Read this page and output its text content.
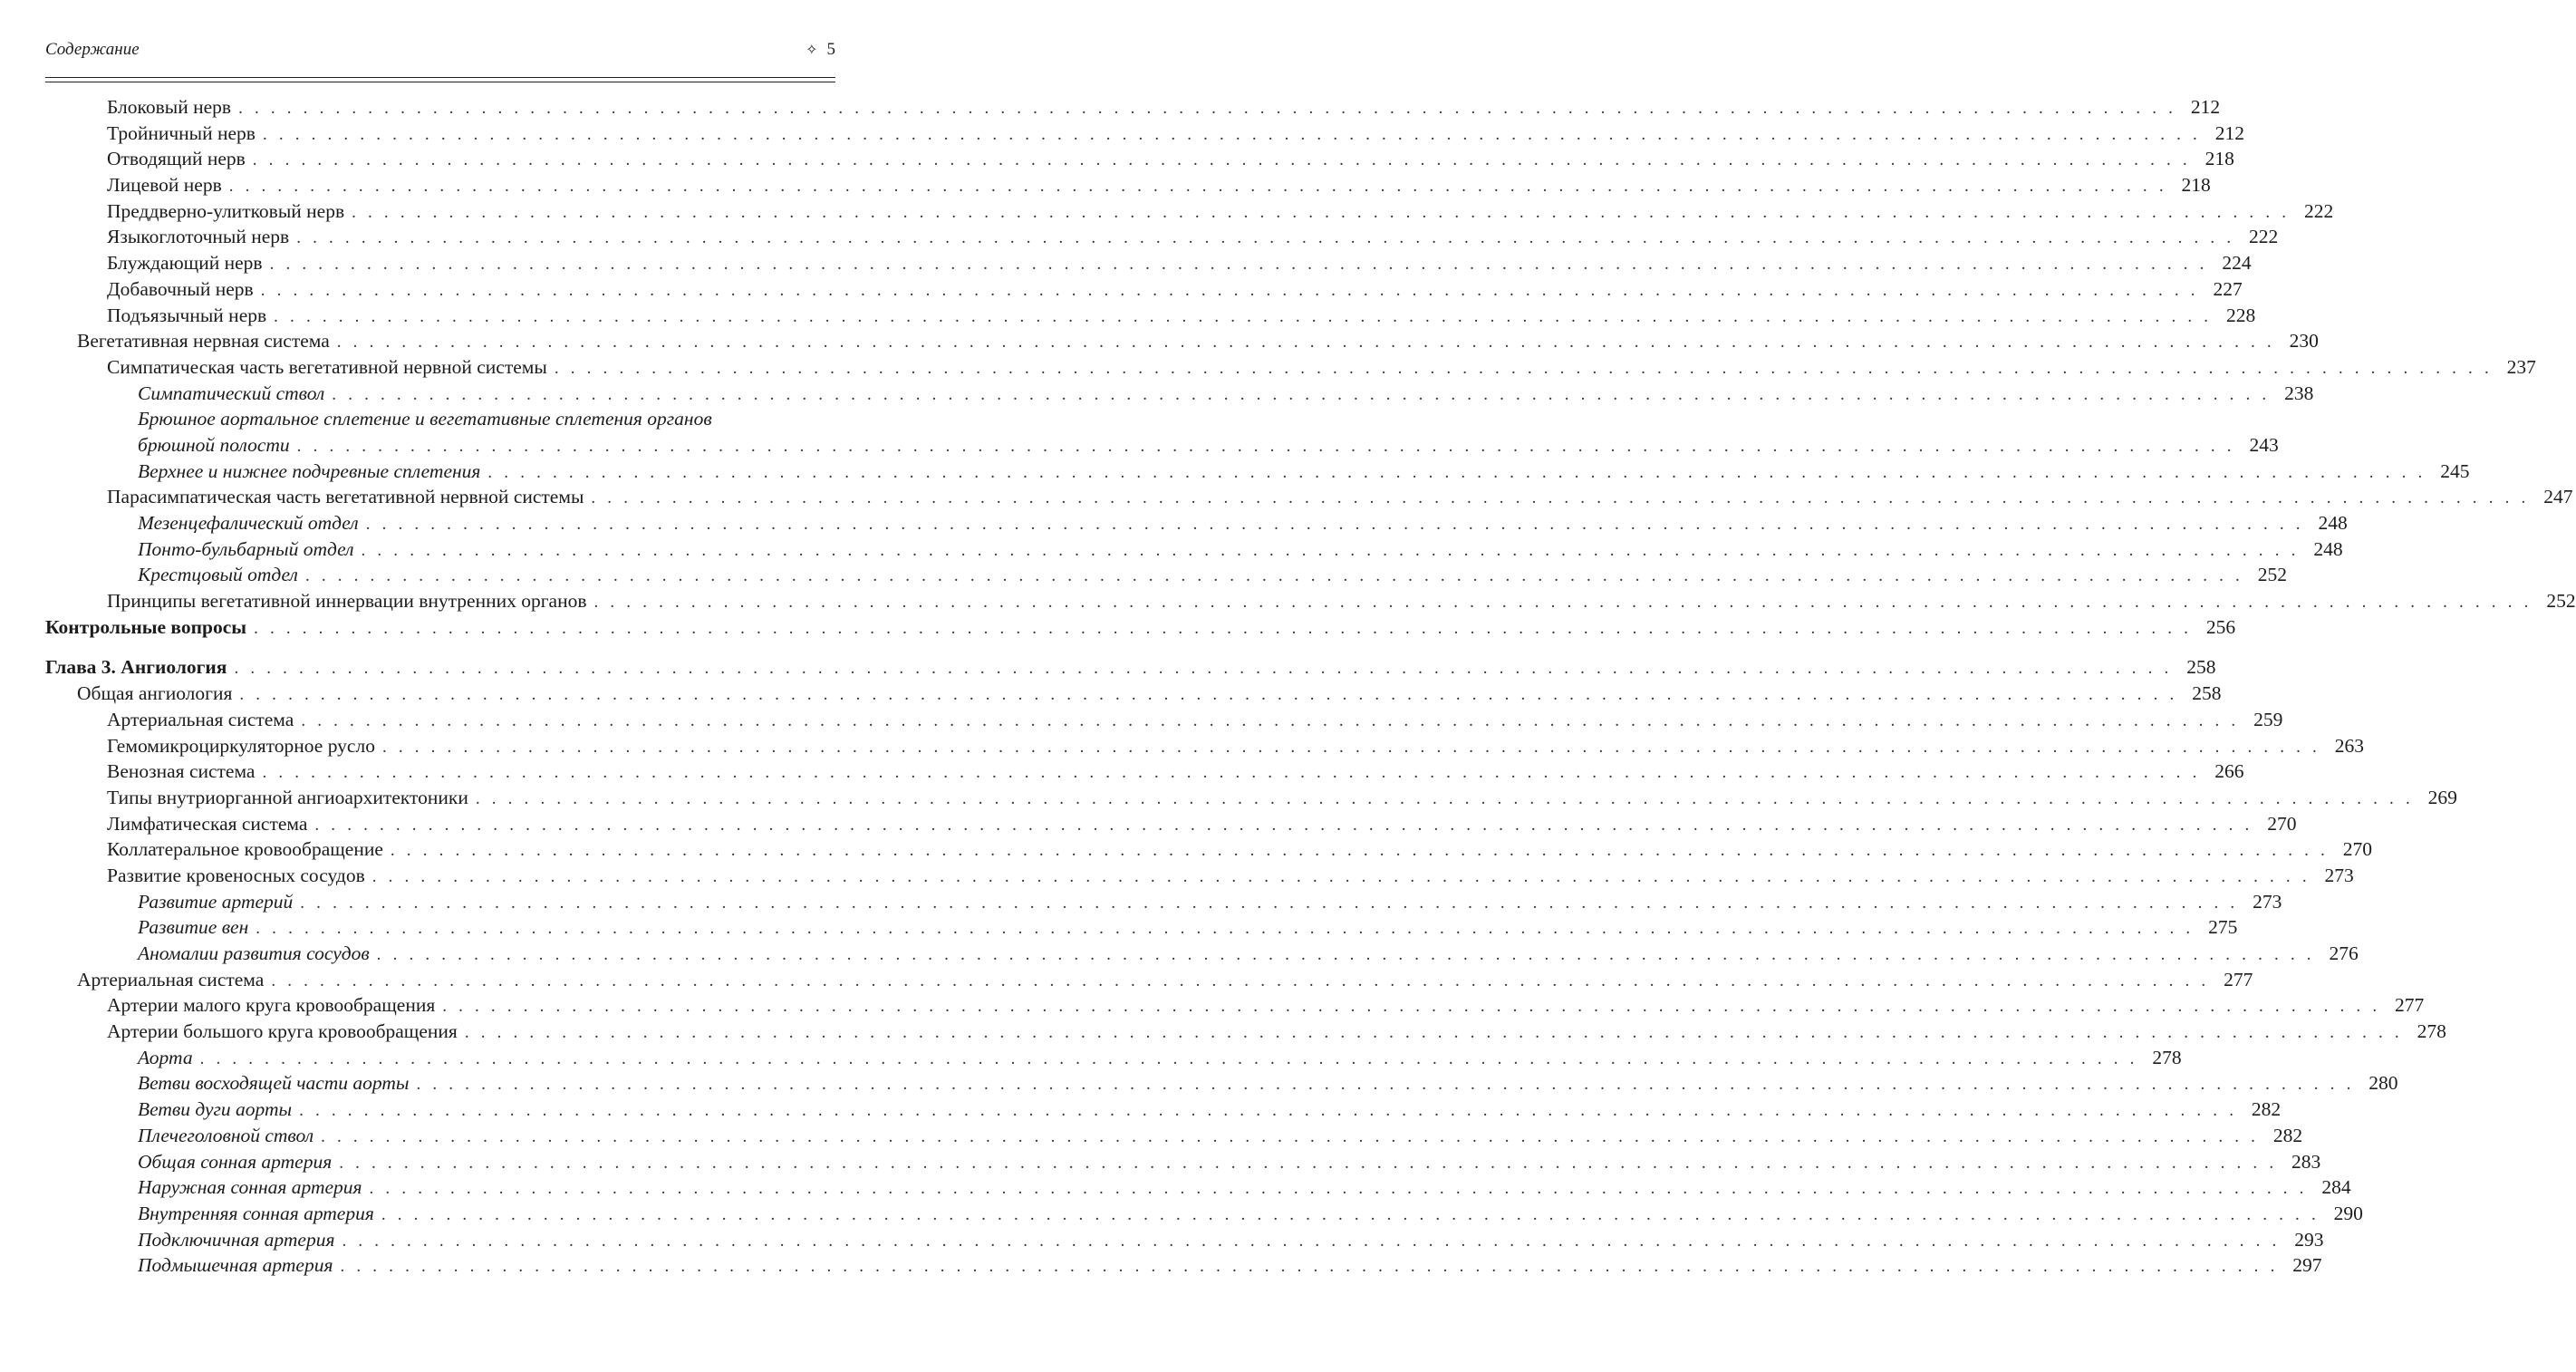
Содержание	✧ 5
Блоковый нерв . . . . . . . . . . . . . . . . . . . . . . . . . . . . . . . . . . . . . . . . . . . . . . . . . . . . . . . . . . . . . . . . . . . . . . . . . . . . . . . . . . . . . . . . . . . . . . . . . . . . . . . . . . . . . . . . . . . . . . . . 212
Тройничный нерв . . . . . . . . . . . . . . . . . . . . . . . . . . . . . . . . . . . . . . . . . . . . . . . . . . . . . . . . . . . . . . . . . . . . . . . . . . . . . . . . . . . . . . . . . . . . . . . . . . . . . . . . . . . . . . . . . . . . . . . . 212
Отводящий нерв . . . . . . . . . . . . . . . . . . . . . . . . . . . . . . . . . . . . . . . . . . . . . . . . . . . . . . . . . . . . . . . . . . . . . . . . . . . . . . . . . . . . . . . . . . . . . . . . . . . . . . . . . . . . . . . . . . . . . . . . 218
Лицевой нерв . . . . . . . . . . . . . . . . . . . . . . . . . . . . . . . . . . . . . . . . . . . . . . . . . . . . . . . . . . . . . . . . . . . . . . . . . . . . . . . . . . . . . . . . . . . . . . . . . . . . . . . . . . . . . . . . . . . . . . . . 218
Преддверно-улитковый нерв . . . . . . . . . . . . . . . . . . . . . . . . . . . . . . . . . . . . . . . . . . . . . . . . . . . . . . . . . . . . . . . . . . . . . . . . . . . . . . . . . . . . . . . . . . . . . . . . . . . . . . . . . . . . . . . . . . . . . . . . 222
Языкоглоточный нерв . . . . . . . . . . . . . . . . . . . . . . . . . . . . . . . . . . . . . . . . . . . . . . . . . . . . . . . . . . . . . . . . . . . . . . . . . . . . . . . . . . . . . . . . . . . . . . . . . . . . . . . . . . . . . . . . . . . . . . . . 222
Блуждающий нерв . . . . . . . . . . . . . . . . . . . . . . . . . . . . . . . . . . . . . . . . . . . . . . . . . . . . . . . . . . . . . . . . . . . . . . . . . . . . . . . . . . . . . . . . . . . . . . . . . . . . . . . . . . . . . . . . . . . . . . . . 224
Добавочный нерв . . . . . . . . . . . . . . . . . . . . . . . . . . . . . . . . . . . . . . . . . . . . . . . . . . . . . . . . . . . . . . . . . . . . . . . . . . . . . . . . . . . . . . . . . . . . . . . . . . . . . . . . . . . . . . . . . . . . . . . . 227
Подъязычный нерв . . . . . . . . . . . . . . . . . . . . . . . . . . . . . . . . . . . . . . . . . . . . . . . . . . . . . . . . . . . . . . . . . . . . . . . . . . . . . . . . . . . . . . . . . . . . . . . . . . . . . . . . . . . . . . . . . . . . . . . . 228
Вегетативная нервная система . . . . . . . . . . . . . . . . . . . . . . . . . . . . . . . . . . . . . . . . . . . . . . . . . . . . . . . . . . . . . . . . . . . . . . . . . . . . . . . . . . . . . . . . . . . . . . . . . . . . . . . . . . . . . . . . . . . . . . . . 230
Симпатическая часть вегетативной нервной системы . . . . . . . . . . . . . . . . . . . . . . . . . . . . . . . . . . . . . . . . . . . . . . . . . . . . . . . . . . . . . . . . . . . . . . . . . . . . . . . . . . . . . . . . . . . . . . . . . . . . . . . . . . . . . . . . . . . . . . . . 237
Симпатический ствол . . . . . . . . . . . . . . . . . . . . . . . . . . . . . . . . . . . . . . . . . . . . . . . . . . . . . . . . . . . . . . . . . . . . . . . . . . . . . . . . . . . . . . . . . . . . . . . . . . . . . . . . . . . . . . . . . . . . . . . . 238
Брюшное аортальное сплетение и вегетативные сплетения органов
брюшной полости . . . . . . . . . . . . . . . . . . . . . . . . . . . . . . . . . . . . . . . . . . . . . . . . . . . . . . . . . . . . . . . . . . . . . . . . . . . . . . . . . . . . . . . . . . . . . . . . . . . . . . . . . . . . . . . . . . . . . . . . 243
Верхнее и нижнее подчревные сплетения . . . . . . . . . . . . . . . . . . . . . . . . . . . . . . . . . . . . . . . . . . . . . . . . . . . . . . . . . . . . . . . . . . . . . . . . . . . . . . . . . . . . . . . . . . . . . . . . . . . . . . . . . . . . . . . . . . . . . . . . 245
Парасимпатическая часть вегетативной нервной системы . . . . . . . . . . . . . . . . . . . . . . . . . . . . . . . . . . . . . . . . . . . . . . . . . . . . . . . . . . . . . . . . . . . . . . . . . . . . . . . . . . . . . . . . . . . . . . . . . . . . . . . . . . . . . . . . . . . . . . . . 247
Мезенцефалический отдел . . . . . . . . . . . . . . . . . . . . . . . . . . . . . . . . . . . . . . . . . . . . . . . . . . . . . . . . . . . . . . . . . . . . . . . . . . . . . . . . . . . . . . . . . . . . . . . . . . . . . . . . . . . . . . . . . . . . . . . . 248
Понто-бульбарный отдел . . . . . . . . . . . . . . . . . . . . . . . . . . . . . . . . . . . . . . . . . . . . . . . . . . . . . . . . . . . . . . . . . . . . . . . . . . . . . . . . . . . . . . . . . . . . . . . . . . . . . . . . . . . . . . . . . . . . . . . . 248
Крестцовый отдел . . . . . . . . . . . . . . . . . . . . . . . . . . . . . . . . . . . . . . . . . . . . . . . . . . . . . . . . . . . . . . . . . . . . . . . . . . . . . . . . . . . . . . . . . . . . . . . . . . . . . . . . . . . . . . . . . . . . . . . . 252
Принципы вегетативной иннервации внутренних органов . . . . . . . . . . . . . . . . . . . . . . . . . . . . . . . . . . . . . . . . . . . . . . . . . . . . . . . . . . . . . . . . . . . . . . . . . . . . . . . . . . . . . . . . . . . . . . . . . . . . . . . . . . . . . . . . . . . . . . . . 252
Контрольные вопросы . . . . . . . . . . . . . . . . . . . . . . . . . . . . . . . . . . . . . . . . . . . . . . . . . . . . . . . . . . . . . . . . . . . . . . . . . . . . . . . . . . . . . . . . . . . . . . . . . . . . . . . . . . . . . . . . . . . . . . . . 256
Глава 3. Ангиология . . . . . . . . . . . . . . . . . . . . . . . . . . . . . . . . . . . . . . . . . . . . . . . . . . . . . . . . . . . . . . . . . . . . . . . . . . . . . . . . . . . . . . . . . . . . . . . . . . . . . . . . . . . . . . . . . . . . . . . . 258
Общая ангиология . . . . . . . . . . . . . . . . . . . . . . . . . . . . . . . . . . . . . . . . . . . . . . . . . . . . . . . . . . . . . . . . . . . . . . . . . . . . . . . . . . . . . . . . . . . . . . . . . . . . . . . . . . . . . . . . . . . . . . . . 258
Артериальная система . . . . . . . . . . . . . . . . . . . . . . . . . . . . . . . . . . . . . . . . . . . . . . . . . . . . . . . . . . . . . . . . . . . . . . . . . . . . . . . . . . . . . . . . . . . . . . . . . . . . . . . . . . . . . . . . . . . . . . . . 259
Гемомикроциркуляторное русло . . . . . . . . . . . . . . . . . . . . . . . . . . . . . . . . . . . . . . . . . . . . . . . . . . . . . . . . . . . . . . . . . . . . . . . . . . . . . . . . . . . . . . . . . . . . . . . . . . . . . . . . . . . . . . . . . . . . . . . . 263
Венозная система . . . . . . . . . . . . . . . . . . . . . . . . . . . . . . . . . . . . . . . . . . . . . . . . . . . . . . . . . . . . . . . . . . . . . . . . . . . . . . . . . . . . . . . . . . . . . . . . . . . . . . . . . . . . . . . . . . . . . . . . 266
Типы внутриорганной ангиоархитектоники . . . . . . . . . . . . . . . . . . . . . . . . . . . . . . . . . . . . . . . . . . . . . . . . . . . . . . . . . . . . . . . . . . . . . . . . . . . . . . . . . . . . . . . . . . . . . . . . . . . . . . . . . . . . . . . . . . . . . . . . 269
Лимфатическая система . . . . . . . . . . . . . . . . . . . . . . . . . . . . . . . . . . . . . . . . . . . . . . . . . . . . . . . . . . . . . . . . . . . . . . . . . . . . . . . . . . . . . . . . . . . . . . . . . . . . . . . . . . . . . . . . . . . . . . . . 270
Коллатеральное кровообращение . . . . . . . . . . . . . . . . . . . . . . . . . . . . . . . . . . . . . . . . . . . . . . . . . . . . . . . . . . . . . . . . . . . . . . . . . . . . . . . . . . . . . . . . . . . . . . . . . . . . . . . . . . . . . . . . . . . . . . . . 270
Развитие кровеносных сосудов . . . . . . . . . . . . . . . . . . . . . . . . . . . . . . . . . . . . . . . . . . . . . . . . . . . . . . . . . . . . . . . . . . . . . . . . . . . . . . . . . . . . . . . . . . . . . . . . . . . . . . . . . . . . . . . . . . . . . . . . 273
Развитие артерий . . . . . . . . . . . . . . . . . . . . . . . . . . . . . . . . . . . . . . . . . . . . . . . . . . . . . . . . . . . . . . . . . . . . . . . . . . . . . . . . . . . . . . . . . . . . . . . . . . . . . . . . . . . . . . . . . . . . . . . . 273
Развитие вен . . . . . . . . . . . . . . . . . . . . . . . . . . . . . . . . . . . . . . . . . . . . . . . . . . . . . . . . . . . . . . . . . . . . . . . . . . . . . . . . . . . . . . . . . . . . . . . . . . . . . . . . . . . . . . . . . . . . . . . . 275
Аномалии развития сосудов . . . . . . . . . . . . . . . . . . . . . . . . . . . . . . . . . . . . . . . . . . . . . . . . . . . . . . . . . . . . . . . . . . . . . . . . . . . . . . . . . . . . . . . . . . . . . . . . . . . . . . . . . . . . . . . . . . . . . . . . 276
Артериальная система . . . . . . . . . . . . . . . . . . . . . . . . . . . . . . . . . . . . . . . . . . . . . . . . . . . . . . . . . . . . . . . . . . . . . . . . . . . . . . . . . . . . . . . . . . . . . . . . . . . . . . . . . . . . . . . . . . . . . . . . 277
Артерии малого круга кровообращения . . . . . . . . . . . . . . . . . . . . . . . . . . . . . . . . . . . . . . . . . . . . . . . . . . . . . . . . . . . . . . . . . . . . . . . . . . . . . . . . . . . . . . . . . . . . . . . . . . . . . . . . . . . . . . . . . . . . . . . . 277
Артерии большого круга кровообращения . . . . . . . . . . . . . . . . . . . . . . . . . . . . . . . . . . . . . . . . . . . . . . . . . . . . . . . . . . . . . . . . . . . . . . . . . . . . . . . . . . . . . . . . . . . . . . . . . . . . . . . . . . . . . . . . . . . . . . . . 278
Аорта . . . . . . . . . . . . . . . . . . . . . . . . . . . . . . . . . . . . . . . . . . . . . . . . . . . . . . . . . . . . . . . . . . . . . . . . . . . . . . . . . . . . . . . . . . . . . . . . . . . . . . . . . . . . . . . . . . . . . . . . 278
Ветви восходящей части аорты . . . . . . . . . . . . . . . . . . . . . . . . . . . . . . . . . . . . . . . . . . . . . . . . . . . . . . . . . . . . . . . . . . . . . . . . . . . . . . . . . . . . . . . . . . . . . . . . . . . . . . . . . . . . . . . . . . . . . . . . 280
Ветви дуги аорты . . . . . . . . . . . . . . . . . . . . . . . . . . . . . . . . . . . . . . . . . . . . . . . . . . . . . . . . . . . . . . . . . . . . . . . . . . . . . . . . . . . . . . . . . . . . . . . . . . . . . . . . . . . . . . . . . . . . . . . . 282
Плечеголовной ствол . . . . . . . . . . . . . . . . . . . . . . . . . . . . . . . . . . . . . . . . . . . . . . . . . . . . . . . . . . . . . . . . . . . . . . . . . . . . . . . . . . . . . . . . . . . . . . . . . . . . . . . . . . . . . . . . . . . . . . . . 282
Общая сонная артерия . . . . . . . . . . . . . . . . . . . . . . . . . . . . . . . . . . . . . . . . . . . . . . . . . . . . . . . . . . . . . . . . . . . . . . . . . . . . . . . . . . . . . . . . . . . . . . . . . . . . . . . . . . . . . . . . . . . . . . . . 283
Наружная сонная артерия . . . . . . . . . . . . . . . . . . . . . . . . . . . . . . . . . . . . . . . . . . . . . . . . . . . . . . . . . . . . . . . . . . . . . . . . . . . . . . . . . . . . . . . . . . . . . . . . . . . . . . . . . . . . . . . . . . . . . . . . 284
Внутренняя сонная артерия . . . . . . . . . . . . . . . . . . . . . . . . . . . . . . . . . . . . . . . . . . . . . . . . . . . . . . . . . . . . . . . . . . . . . . . . . . . . . . . . . . . . . . . . . . . . . . . . . . . . . . . . . . . . . . . . . . . . . . . . 290
Подключичная артерия . . . . . . . . . . . . . . . . . . . . . . . . . . . . . . . . . . . . . . . . . . . . . . . . . . . . . . . . . . . . . . . . . . . . . . . . . . . . . . . . . . . . . . . . . . . . . . . . . . . . . . . . . . . . . . . . . . . . . . . . 293
Подмышечная артерия . . . . . . . . . . . . . . . . . . . . . . . . . . . . . . . . . . . . . . . . . . . . . . . . . . . . . . . . . . . . . . . . . . . . . . . . . . . . . . . . . . . . . . . . . . . . . . . . . . . . . . . . . . . . . . . . . . . . . . . . 297
